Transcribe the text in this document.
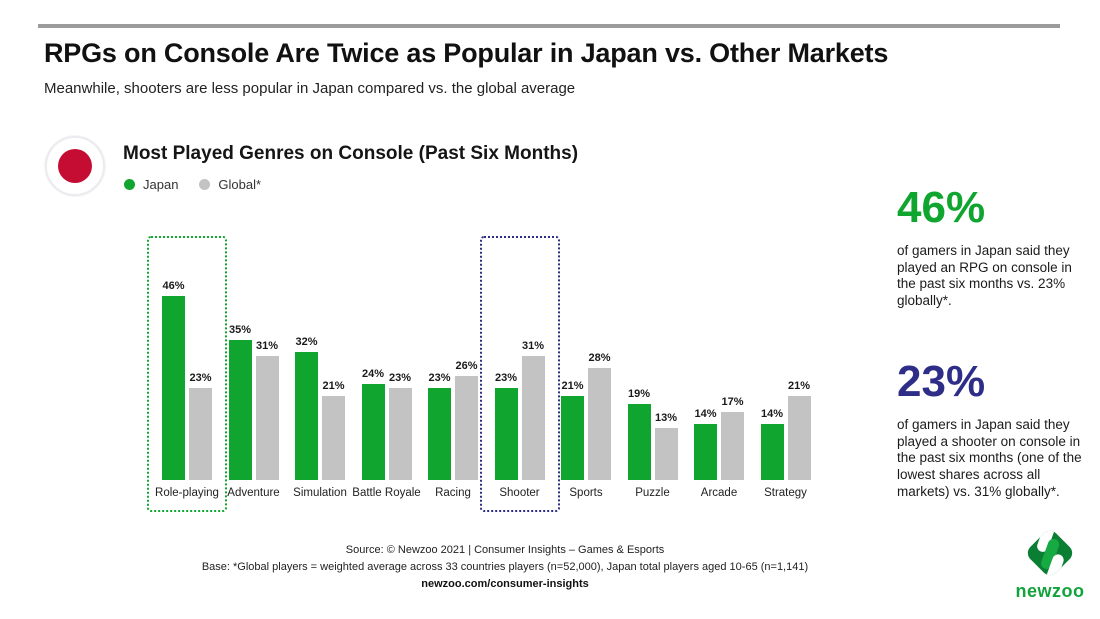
RPGs on Console Are Twice as Popular in Japan vs. Other Markets
Meanwhile, shooters are less popular in Japan compared vs. the global average
Most Played Genres on Console (Past Six Months)
Japan	Global*
46%
23%
Role-playing
35%
31%
Adventure
32%
21%
Simulation
24% 23%
Battle Royale
23%
26%
Racing
23%
31%
Shooter
21%
28%
Sports
19%
13%
Puzzle
14%
17%
Arcade
14%
21%
Strategy
46%
of gamers in Japan said they played an RPG on console in the past six months vs. 23% globally*.
23%
of gamers in Japan said they played a shooter on console in the past six months (one of the lowest shares across all markets) vs. 31% globally*.
Source: © Newzoo 2021 | Consumer Insights – Games & Esports
Base: *Global players = weighted average across 33 countries players (n=52,000), Japan total players aged 10-65 (n=1,141)
newzoo.com/consumer-insights	newzoo
